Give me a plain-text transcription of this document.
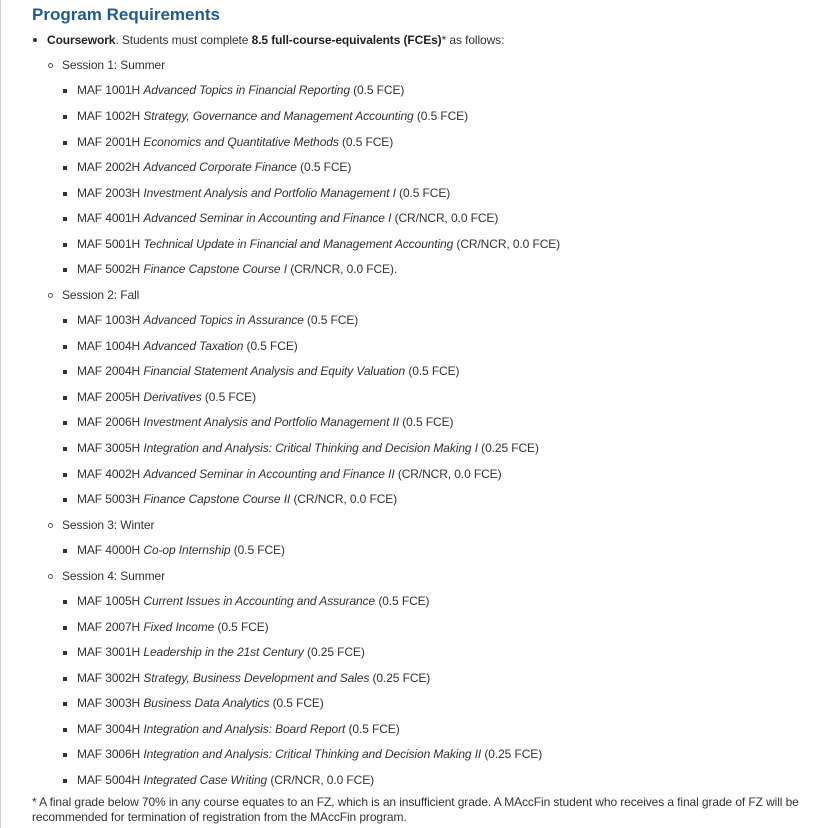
Program Requirements
Coursework. Students must complete 8.5 full-course-equivalents (FCEs)* as follows:
Session 1: Summer
MAF 1001H Advanced Topics in Financial Reporting (0.5 FCE)
MAF 1002H Strategy, Governance and Management Accounting (0.5 FCE)
MAF 2001H Economics and Quantitative Methods (0.5 FCE)
MAF 2002H Advanced Corporate Finance (0.5 FCE)
MAF 2003H Investment Analysis and Portfolio Management I (0.5 FCE)
MAF 4001H Advanced Seminar in Accounting and Finance I (CR/NCR, 0.0 FCE)
MAF 5001H Technical Update in Financial and Management Accounting (CR/NCR, 0.0 FCE)
MAF 5002H Finance Capstone Course I (CR/NCR, 0.0 FCE).
Session 2: Fall
MAF 1003H Advanced Topics in Assurance (0.5 FCE)
MAF 1004H Advanced Taxation (0.5 FCE)
MAF 2004H Financial Statement Analysis and Equity Valuation (0.5 FCE)
MAF 2005H Derivatives (0.5 FCE)
MAF 2006H Investment Analysis and Portfolio Management II (0.5 FCE)
MAF 3005H Integration and Analysis: Critical Thinking and Decision Making I (0.25 FCE)
MAF 4002H Advanced Seminar in Accounting and Finance II (CR/NCR, 0.0 FCE)
MAF 5003H Finance Capstone Course II (CR/NCR, 0.0 FCE)
Session 3: Winter
MAF 4000H Co-op Internship (0.5 FCE)
Session 4: Summer
MAF 1005H Current Issues in Accounting and Assurance (0.5 FCE)
MAF 2007H Fixed Income (0.5 FCE)
MAF 3001H Leadership in the 21st Century (0.25 FCE)
MAF 3002H Strategy, Business Development and Sales (0.25 FCE)
MAF 3003H Business Data Analytics (0.5 FCE)
MAF 3004H Integration and Analysis: Board Report (0.5 FCE)
MAF 3006H Integration and Analysis: Critical Thinking and Decision Making II (0.25 FCE)
MAF 5004H Integrated Case Writing (CR/NCR, 0.0 FCE)
* A final grade below 70% in any course equates to an FZ, which is an insufficient grade. A MAccFin student who receives a final grade of FZ will be recommended for termination of registration from the MAccFin program.
